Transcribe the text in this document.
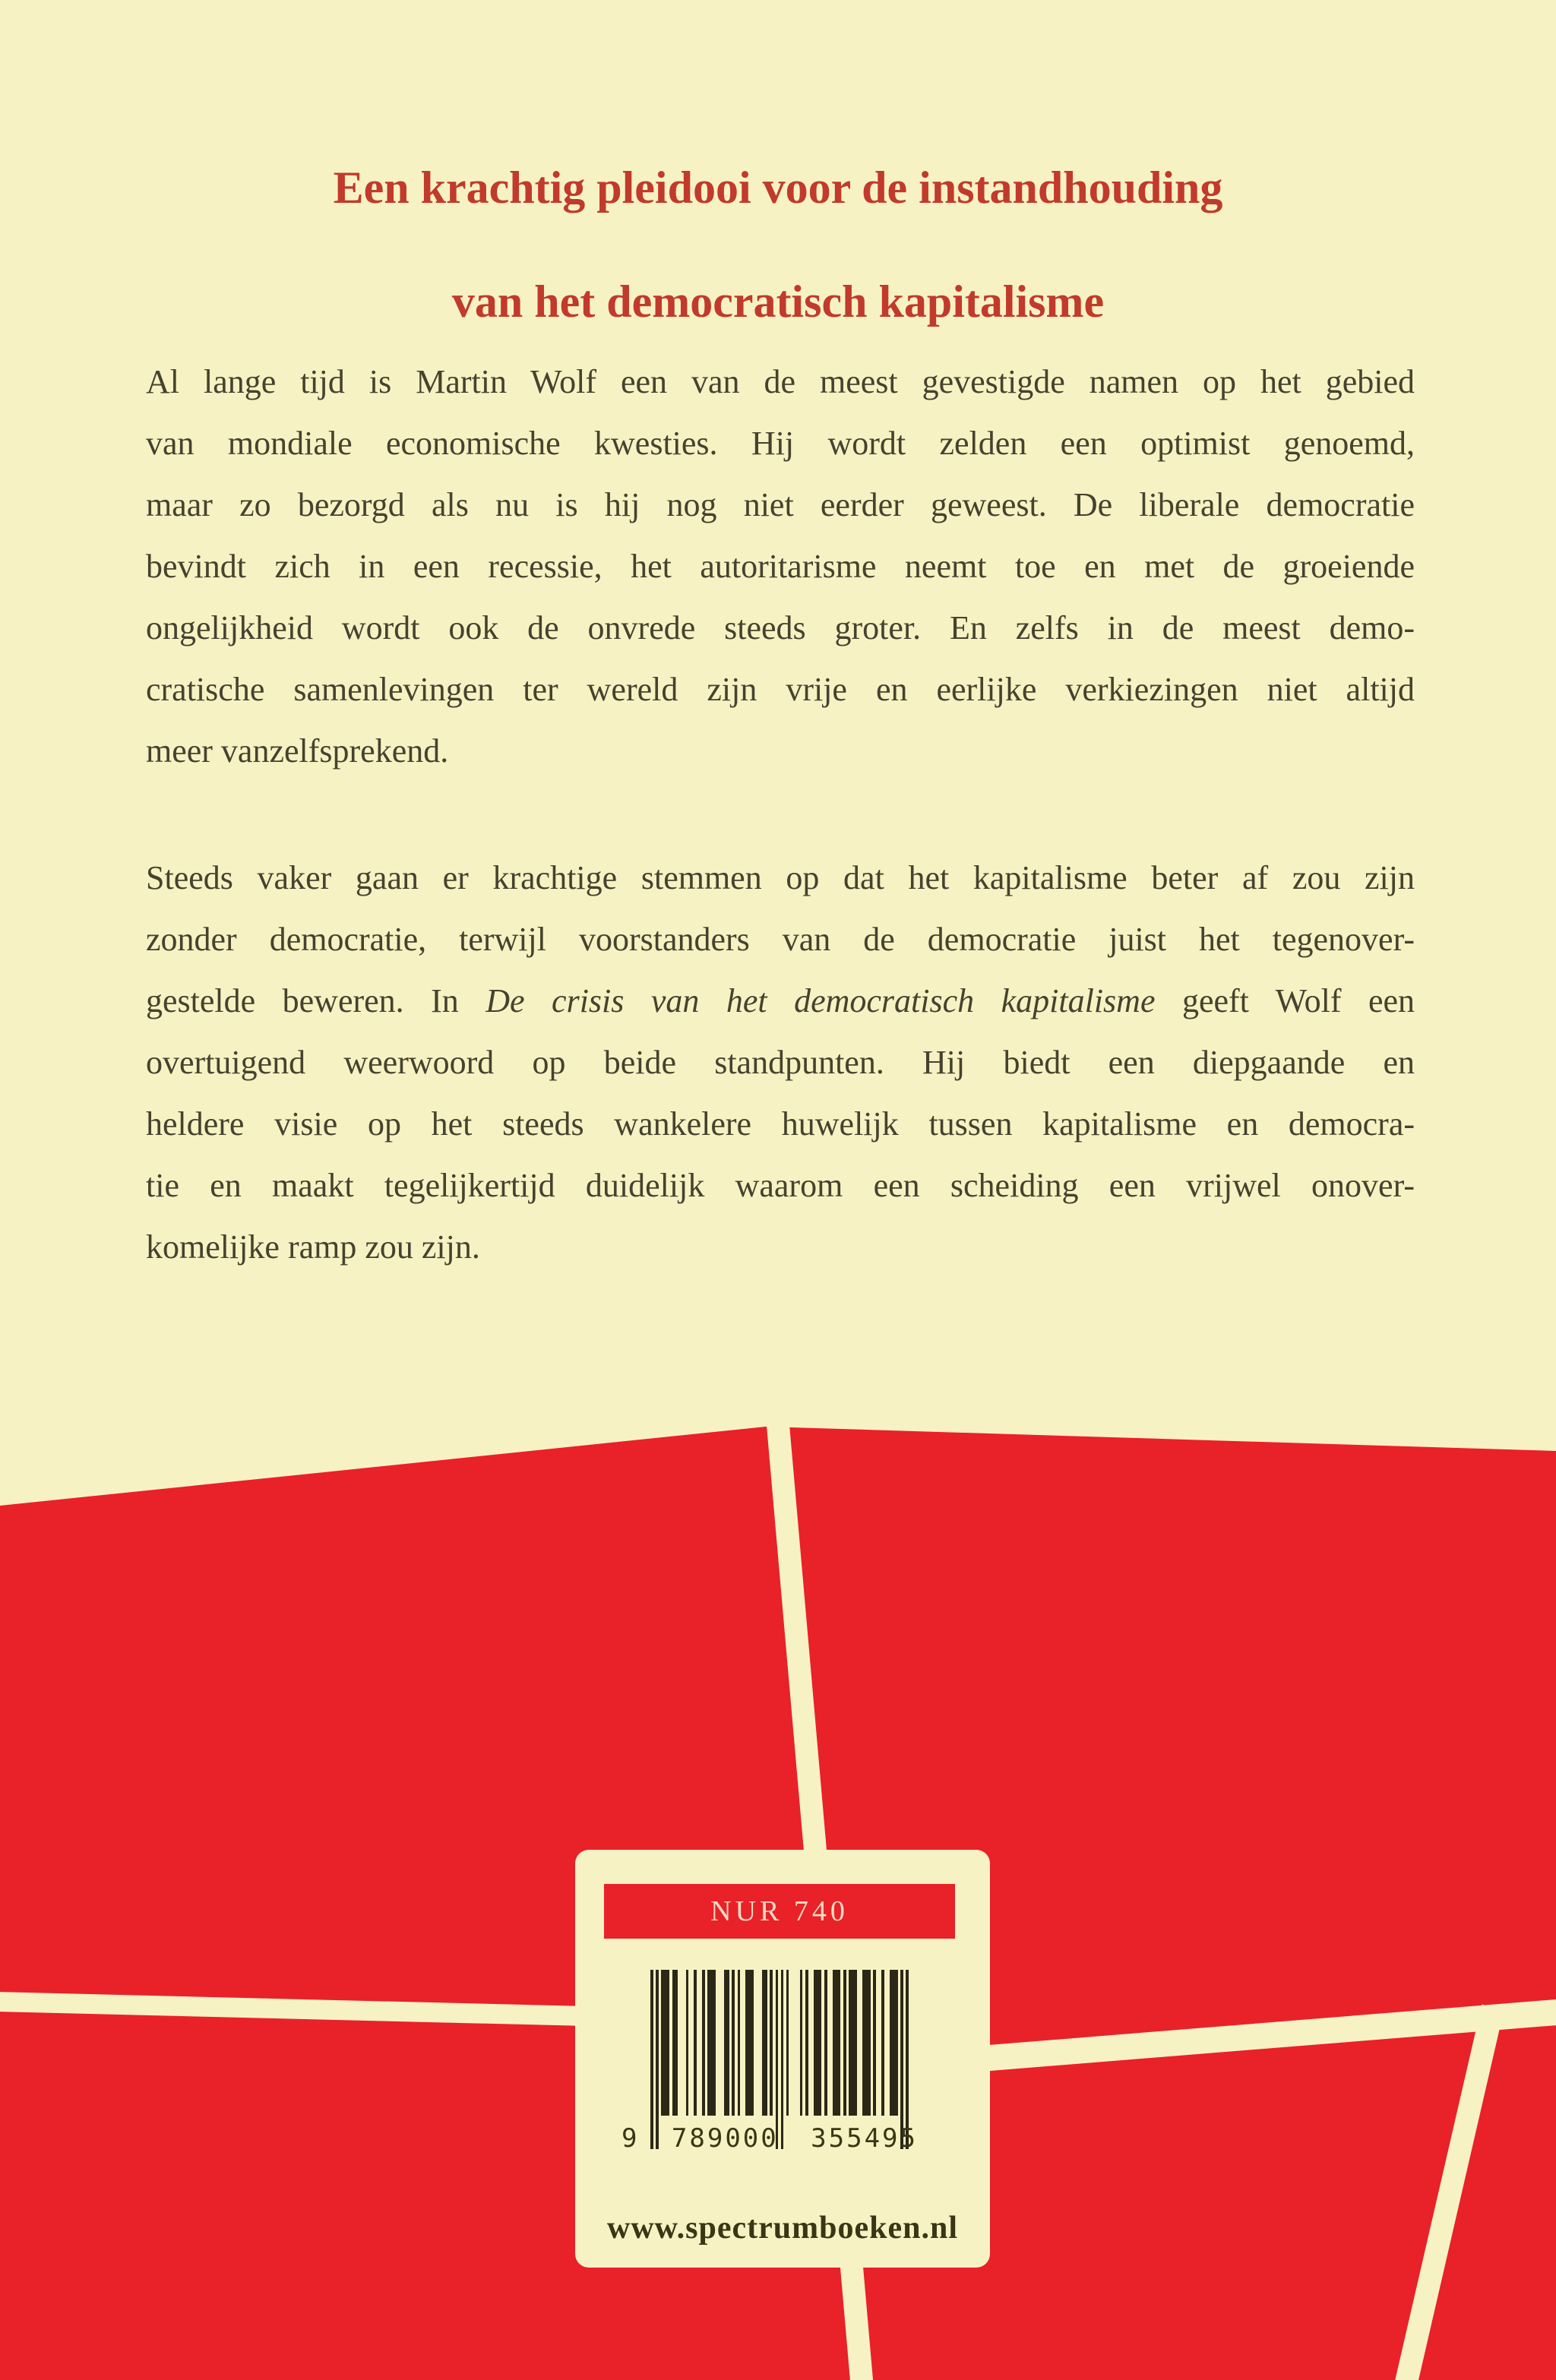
Een krachtig pleidooi voor de instandhouding
van het democratisch kapitalisme
Al lange tijd is Martin Wolf een van de meest gevestigde namen op het gebied
van mondiale economische kwesties. Hij wordt zelden een optimist genoemd,
maar zo bezorgd als nu is hij nog niet eerder geweest. De liberale democratie
bevindt zich in een recessie, het autoritarisme neemt toe en met de groeiende
ongelijkheid wordt ook de onvrede steeds groter. En zelfs in de meest demo-
cratische samenlevingen ter wereld zijn vrije en eerlijke verkiezingen niet altijd
meer vanzelfsprekend.
Steeds vaker gaan er krachtige stemmen op dat het kapitalisme beter af zou zijn
zonder democratie, terwijl voorstanders van de democratie juist het tegenover-
gestelde beweren. In De crisis van het democratisch kapitalisme geeft Wolf een
overtuigend weerwoord op beide standpunten. Hij biedt een diepgaande en
heldere visie op het steeds wankelere huwelijk tussen kapitalisme en democra-
tie en maakt tegelijkertijd duidelijk waarom een scheiding een vrijwel onover-
komelijke ramp zou zijn.
NUR 740
9 789000 355495
www.spectrumboeken.nl
